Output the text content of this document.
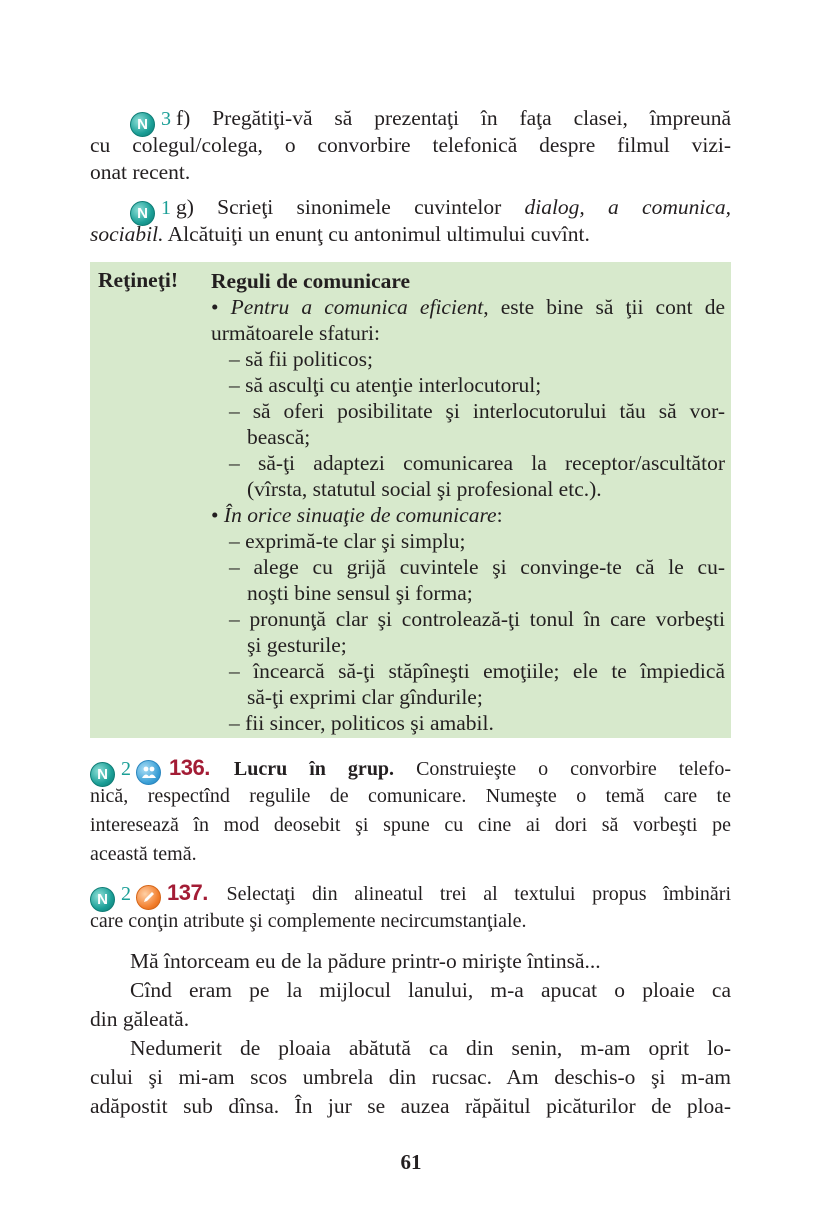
N 3 f) Pregătiţi-vă să prezentaţi în faţa clasei, împreună
cu colegul/colega, o convorbire telefonică despre filmul vizi-
onat recent.
N 1 g) Scrieţi sinonimele cuvintelor dialog, a comunica,
sociabil. Alcătuiţi un enunţ cu antonimul ultimului cuvînt.
Reţineţi! Reguli de comunicare
• Pentru a comunica eficient, este bine să ţii cont de
următoarele sfaturi:
– să fii politicos;
– să asculţi cu atenţie interlocutorul;
– să oferi posibilitate şi interlocutorului tău să vor-
bească;
– să-ţi adaptezi comunicarea la receptor/ascultător
(vîrsta, statutul social şi profesional etc.).
• În orice sinuaţie de comunicare:
– exprimă-te clar şi simplu;
– alege cu grijă cuvintele şi convinge-te că le cu-
noşti bine sensul şi forma;
– pronunţă clar şi controlează-ţi tonul în care vorbeşti
şi gesturile;
– încearcă să-ţi stăpîneşti emoţiile; ele te împiedică
să-ţi exprimi clar gîndurile;
– fii sincer, politicos şi amabil.
N 2 136. Lucru în grup. Construieşte o convorbire telefo-
nică, respectînd regulile de comunicare. Numeşte o temă care te
interesează în mod deosebit şi spune cu cine ai dori să vorbeşti pe
această temă.
N 2 137. Selectaţi din alineatul trei al textului propus îmbinări
care conţin atribute şi complemente necircumstanţiale.
Mă întorceam eu de la pădure printr-o mirişte întinsă...
Cînd eram pe la mijlocul lanului, m-a apucat o ploaie ca
din găleată.
Nedumerit de ploaia abătută ca din senin, m-am oprit lo-
cului şi mi-am scos umbrela din rucsac. Am deschis-o şi m-am
adăpostit sub dînsa. În jur se auzea răpăitul picăturilor de ploa-
61
